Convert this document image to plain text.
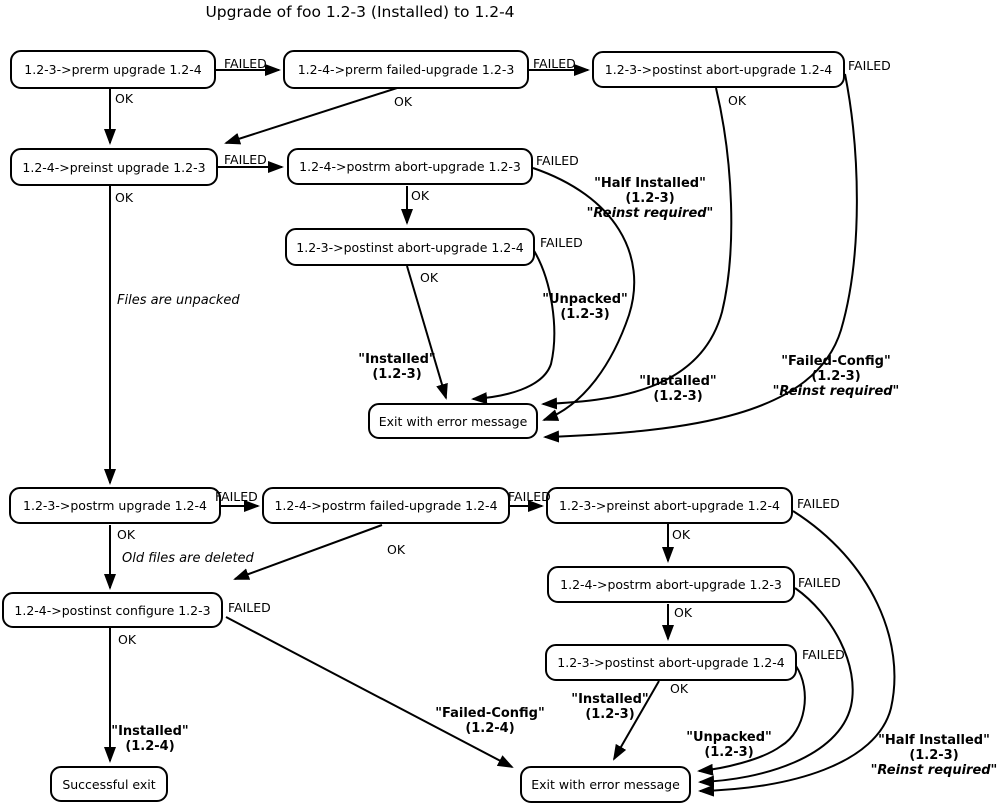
Upgrade of foo 1.2-3 (Installed) to 1.2-4
1.2-3->prerm upgrade 1.2-4	1.2-4->prerm failed-upgrade 1.2-3	1.2-3->postinst abort-upgrade 1.2-4
1.2-4->preinst upgrade 1.2-3	1.2-4->postrm abort-upgrade 1.2-3
1.2-3->postinst abort-upgrade 1.2-4
Exit with error message
1.2-3->postrm upgrade 1.2-4	1.2-4->postrm failed-upgrade 1.2-4	1.2-3->preinst abort-upgrade 1.2-4
1.2-4->postrm abort-upgrade 1.2-3
1.2-4->postinst configure 1.2-3
1.2-3->postinst abort-upgrade 1.2-4
Successful exit	Exit with error message
FAILED	FAILED	FAILED
OK
OK	OK
FAILED
OK
FAILED
OK
FAILED
OK
FAILED	FAILED	FAILED
OK
OK
OK
FAILED
OK
FAILED
OK
FAILED
OK
Files are unpacked
Old files are deleted
"Half Installed"
(1.2-3)
"Reinst required"
"Unpacked"
(1.2-3)
"Installed"
(1.2-3)	"Installed"
(1.2-3)
"Failed-Config"
(1.2-3)
"Reinst required"
"Installed"
(1.2-4)
"Failed-Config"
(1.2-4)
"Installed"
(1.2-3)
"Unpacked"
(1.2-3)
"Half Installed"
(1.2-3)
"Reinst required"
